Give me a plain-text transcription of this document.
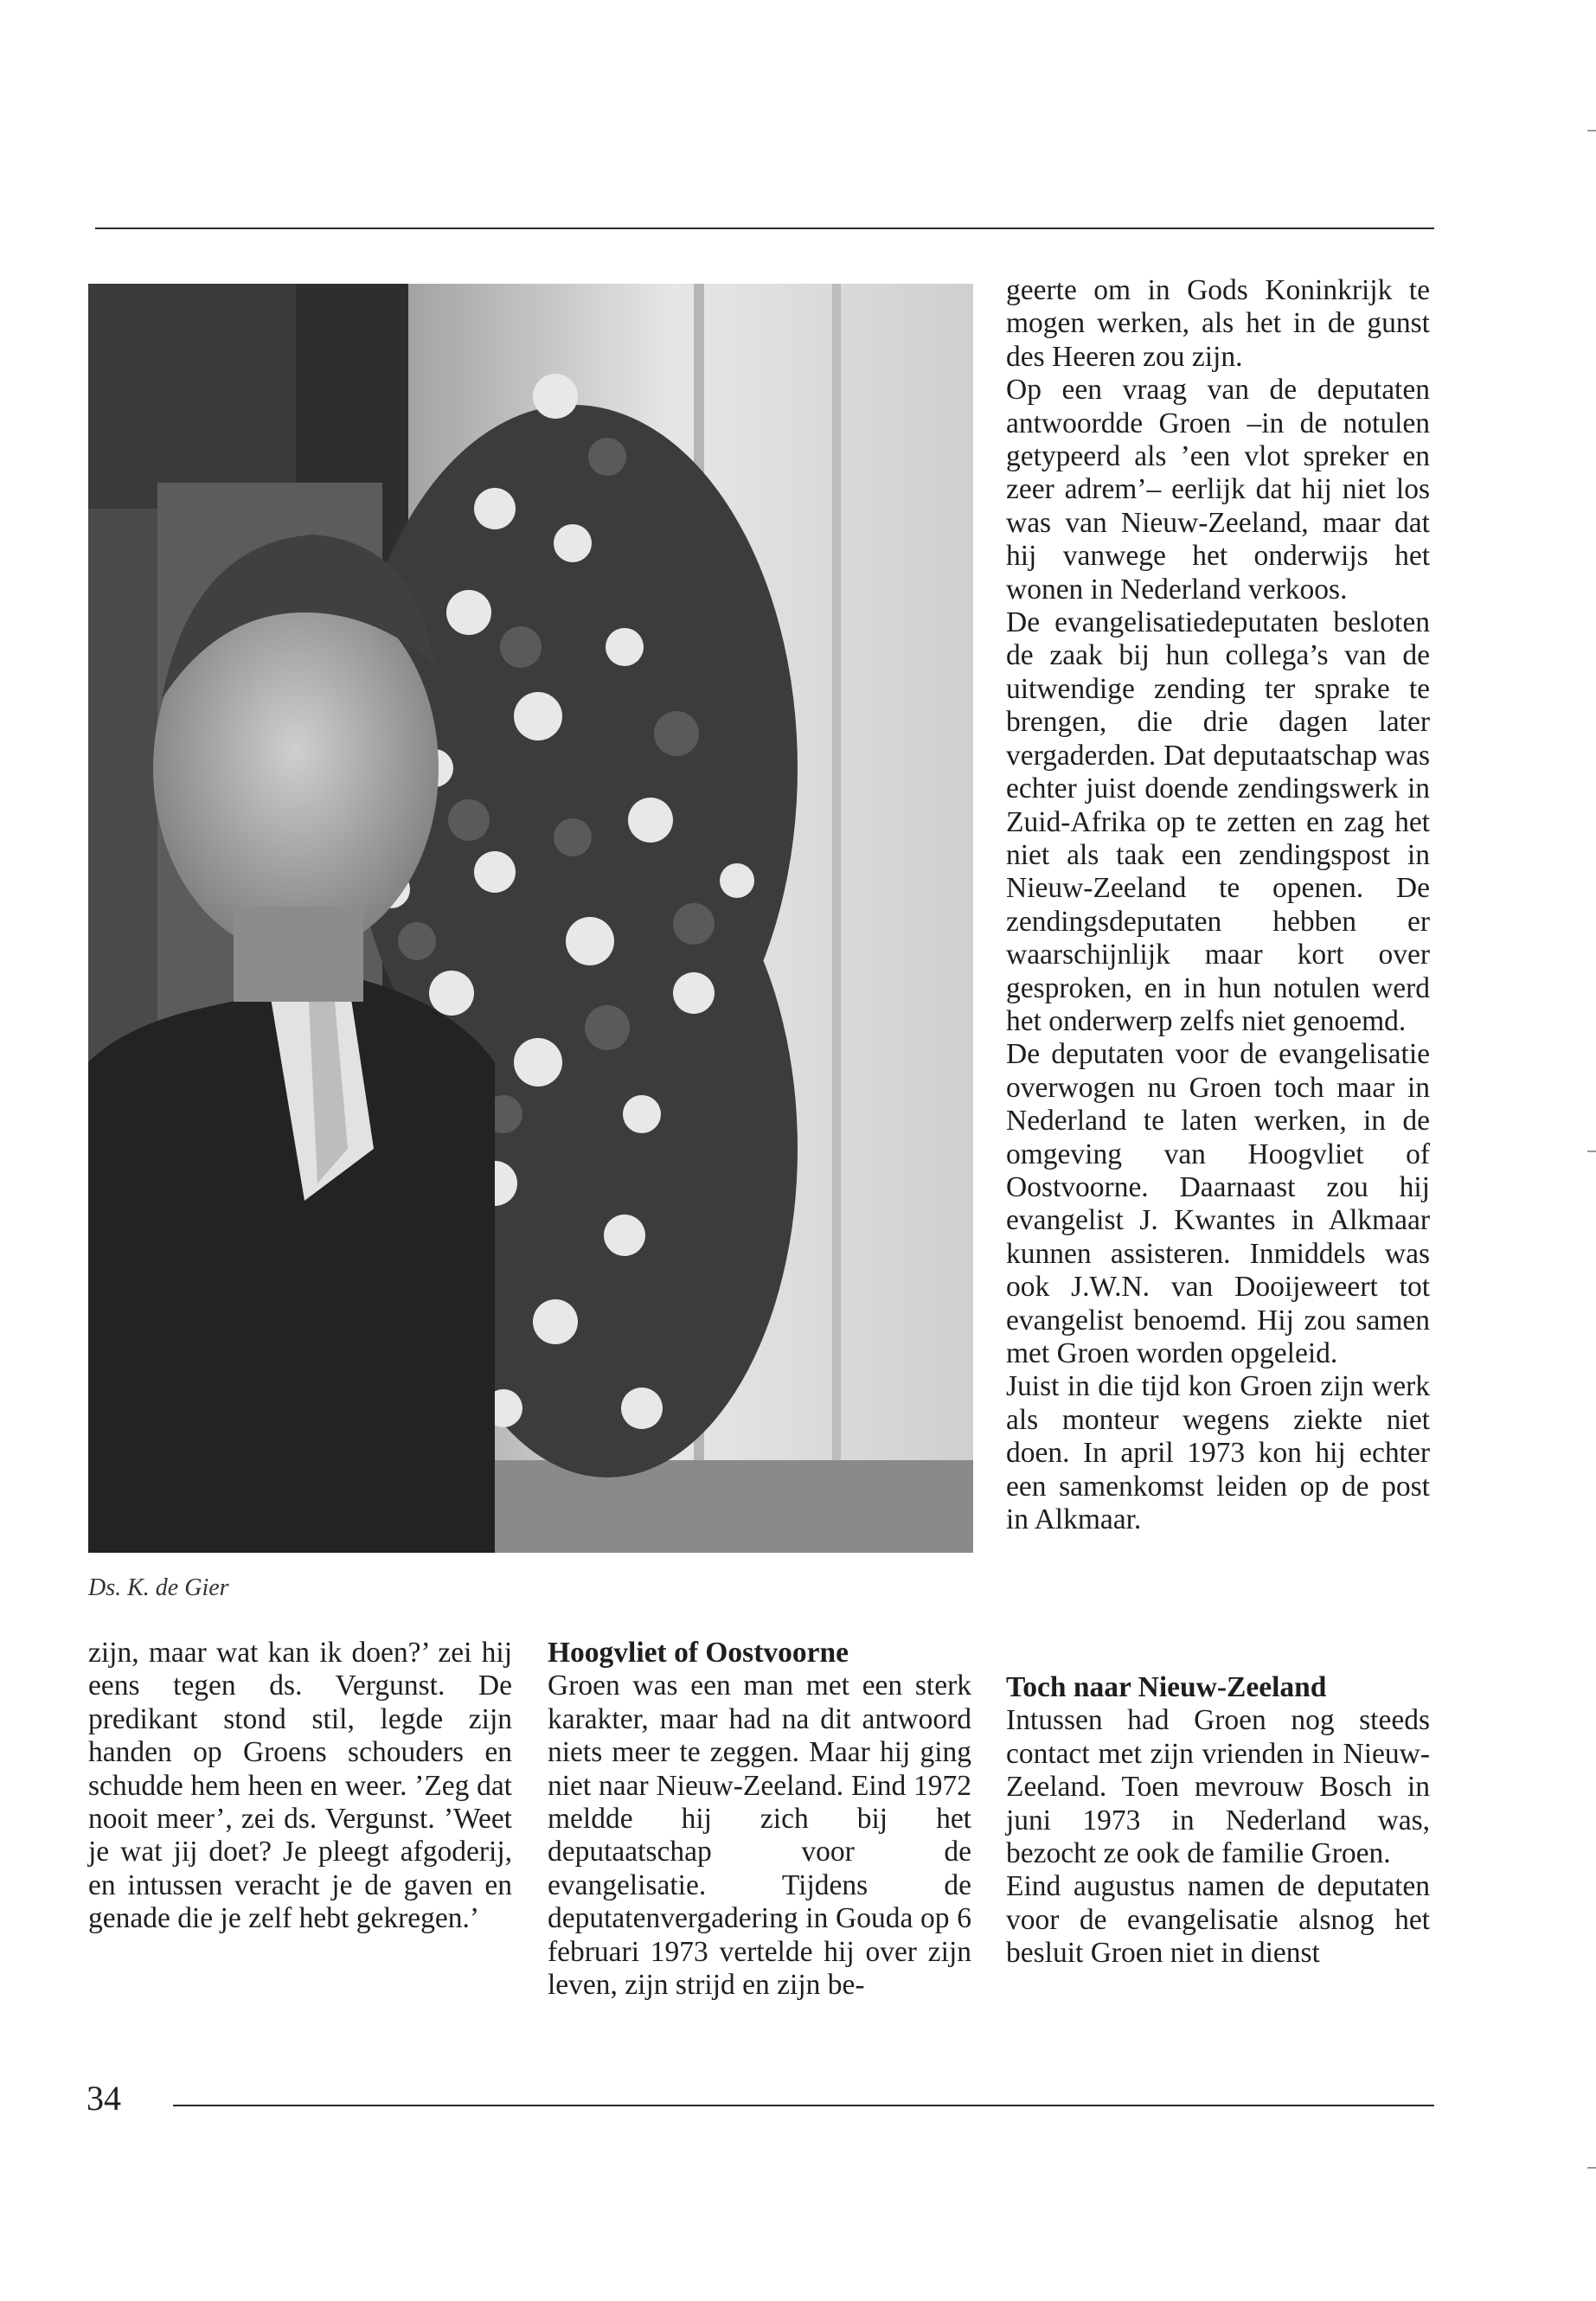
Ds. K. de Gier

zijn, maar wat kan ik doen?’ zei hij eens tegen ds. Vergunst. De predikant stond stil, legde zijn handen op Groens schouders en schudde hem heen en weer. ’Zeg dat nooit meer’, zei ds. Vergunst. ’Weet je wat jij doet? Je pleegt afgoderij, en intussen veracht je de gaven en genade die je zelf hebt gekregen.’

Hoogvliet of Oostvoorne

Groen was een man met een sterk karakter, maar had na dit antwoord niets meer te zeggen. Maar hij ging niet naar Nieuw-Zeeland. Eind 1972 meldde hij zich bij het deputaatschap voor de evangelisatie. Tijdens de deputatenvergadering in Gouda op 6 februari 1973 vertelde hij over zijn leven, zijn strijd en zijn be-

geerte om in Gods Koninkrijk te mogen werken, als het in de gunst des Heeren zou zijn.

Op een vraag van de deputaten antwoordde Groen –in de notulen getypeerd als ’een vlot spreker en zeer adrem’– eerlijk dat hij niet los was van Nieuw-Zeeland, maar dat hij vanwege het onderwijs het wonen in Nederland verkoos.

De evangelisatiedeputaten besloten de zaak bij hun collega’s van de uitwendige zending ter sprake te brengen, die drie dagen later vergaderden. Dat deputaatschap was echter juist doende zendingswerk in Zuid-Afrika op te zetten en zag het niet als taak een zendingspost in Nieuw-Zeeland te openen. De zendingsdeputaten hebben er waarschijnlijk maar kort over gesproken, en in hun notulen werd het onderwerp zelfs niet genoemd.

De deputaten voor de evangelisatie overwogen nu Groen toch maar in Nederland te laten werken, in de omgeving van Hoogvliet of Oostvoorne. Daarnaast zou hij evangelist J. Kwantes in Alkmaar kunnen assisteren. Inmiddels was ook J.W.N. van Dooijeweert tot evangelist benoemd. Hij zou samen met Groen worden opgeleid.

Juist in die tijd kon Groen zijn werk als monteur wegens ziekte niet doen. In april 1973 kon hij echter een samenkomst leiden op de post in Alkmaar.

Toch naar Nieuw-Zeeland

Intussen had Groen nog steeds contact met zijn vrienden in Nieuw-Zeeland. Toen mevrouw Bosch in juni 1973 in Nederland was, bezocht ze ook de familie Groen.

Eind augustus namen de deputaten voor de evangelisatie alsnog het besluit Groen niet in dienst

34
